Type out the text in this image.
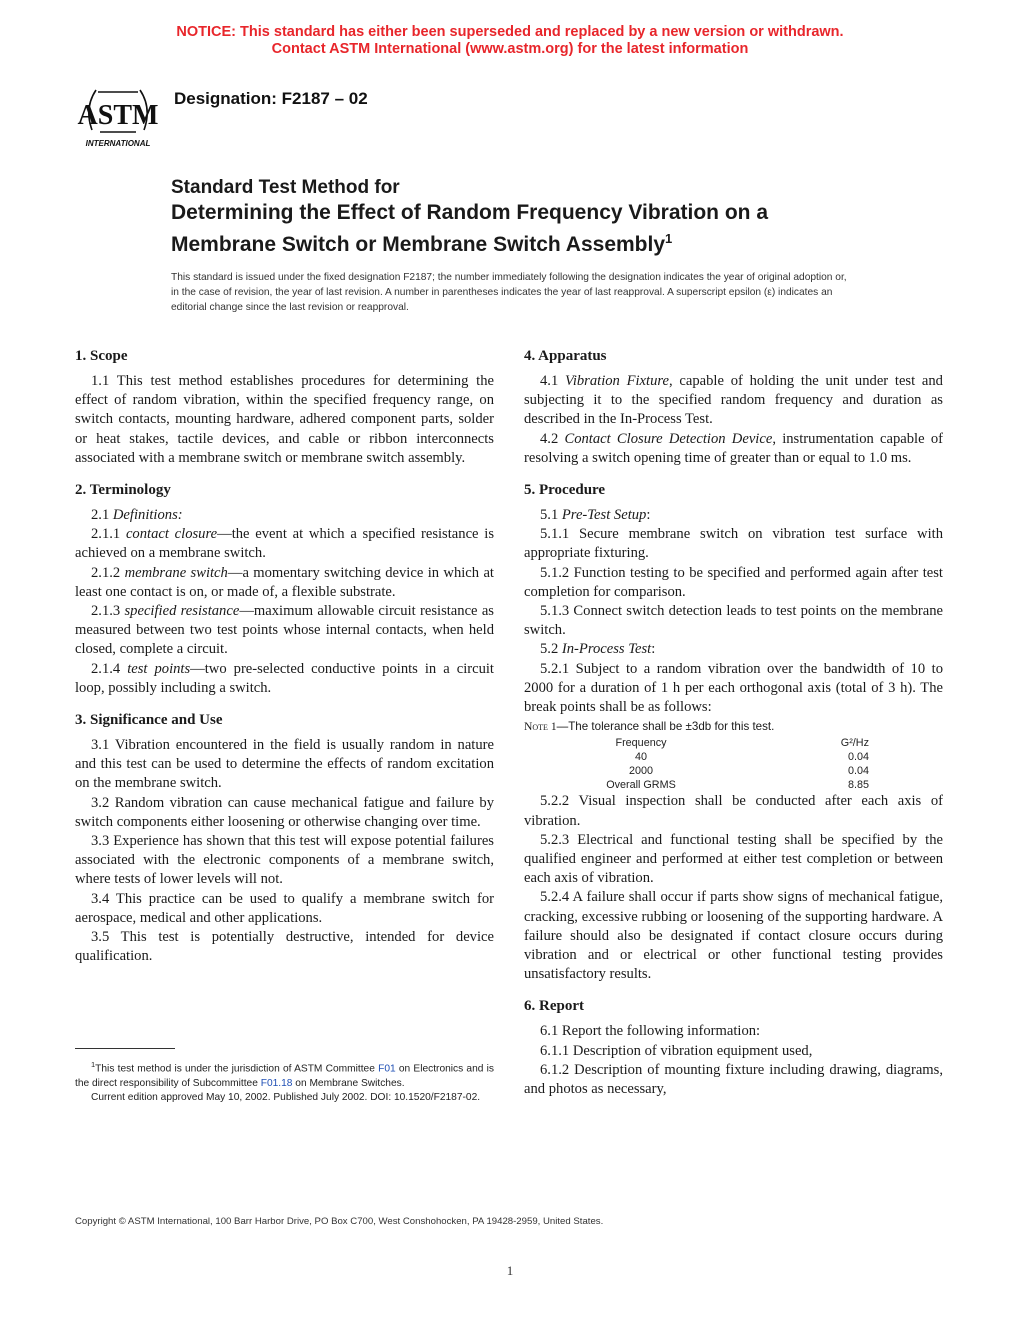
NOTICE: This standard has either been superseded and replaced by a new version or withdrawn.
Contact ASTM International (www.astm.org) for the latest information
ASTM
INTERNATIONAL
Designation: F2187 – 02
Standard Test Method for
Determining the Effect of Random Frequency Vibration on a
Membrane Switch or Membrane Switch Assembly$^1$
This standard is issued under the fixed designation F2187; the number immediately following the designation indicates the year of original adoption or, in the case of revision, the year of last revision. A number in parentheses indicates the year of last reapproval. A superscript epsilon (ε) indicates an editorial change since the last revision or reapproval.
1. Scope

1.1 This test method establishes procedures for determining the effect of random vibration, within the specified frequency range, on switch contacts, mounting hardware, adhered component parts, solder or heat stakes, tactile devices, and cable or ribbon interconnects associated with a membrane switch or membrane switch assembly.

2. Terminology

2.1 Definitions:

2.1.1 contact closure—the event at which a specified resistance is achieved on a membrane switch.

2.1.2 membrane switch—a momentary switching device in which at least one contact is on, or made of, a flexible substrate.

2.1.3 specified resistance—maximum allowable circuit resistance as measured between two test points whose internal contacts, when held closed, complete a circuit.

2.1.4 test points—two pre-selected conductive points in a circuit loop, possibly including a switch.

3. Significance and Use

3.1 Vibration encountered in the field is usually random in nature and this test can be used to determine the effects of random excitation on the membrane switch.

3.2 Random vibration can cause mechanical fatigue and failure by switch components either loosening or otherwise changing over time.

3.3 Experience has shown that this test will expose potential failures associated with the electronic components of a membrane switch, where tests of lower levels will not.

3.4 This practice can be used to qualify a membrane switch for aerospace, medical and other applications.

3.5 This test is potentially destructive, intended for device qualification.

4. Apparatus

4.1 Vibration Fixture, capable of holding the unit under test and subjecting it to the specified random frequency and duration as described in the In-Process Test.

4.2 Contact Closure Detection Device, instrumentation capable of resolving a switch opening time of greater than or equal to 1.0 ms.

5. Procedure

5.1 Pre-Test Setup:

5.1.1 Secure membrane switch on vibration test surface with appropriate fixturing.

5.1.2 Function testing to be specified and performed again after test completion for comparison.

5.1.3 Connect switch detection leads to test points on the membrane switch.

5.2 In-Process Test:

5.2.1 Subject to a random vibration over the bandwidth of 10 to 2000 for a duration of 1 h per each orthogonal axis (total of 3 h). The break points shall be as follows:

Note 1—The tolerance shall be ±3db for this test.

Frequency	G²/Hz
40	0.04
2000	0.04
Overall GRMS	8.85

5.2.2 Visual inspection shall be conducted after each axis of vibration.

5.2.3 Electrical and functional testing shall be specified by the qualified engineer and performed at either test completion or between each axis of vibration.

5.2.4 A failure shall occur if parts show signs of mechanical fatigue, cracking, excessive rubbing or loosening of the supporting hardware. A failure should also be designated if contact closure occurs during vibration and or electrical or other functional testing provides unsatisfactory results.

6. Report

6.1 Report the following information:

6.1.1 Description of vibration equipment used,

6.1.2 Description of mounting fixture including drawing, diagrams, and photos as necessary,

$^1$This test method is under the jurisdiction of ASTM Committee F01 on Electronics and is the direct responsibility of Subcommittee F01.18 on Membrane Switches.

Current edition approved May 10, 2002. Published July 2002. DOI: 10.1520/F2187-02.

Copyright © ASTM International, 100 Barr Harbor Drive, PO Box C700, West Conshohocken, PA 19428-2959, United States.
1
